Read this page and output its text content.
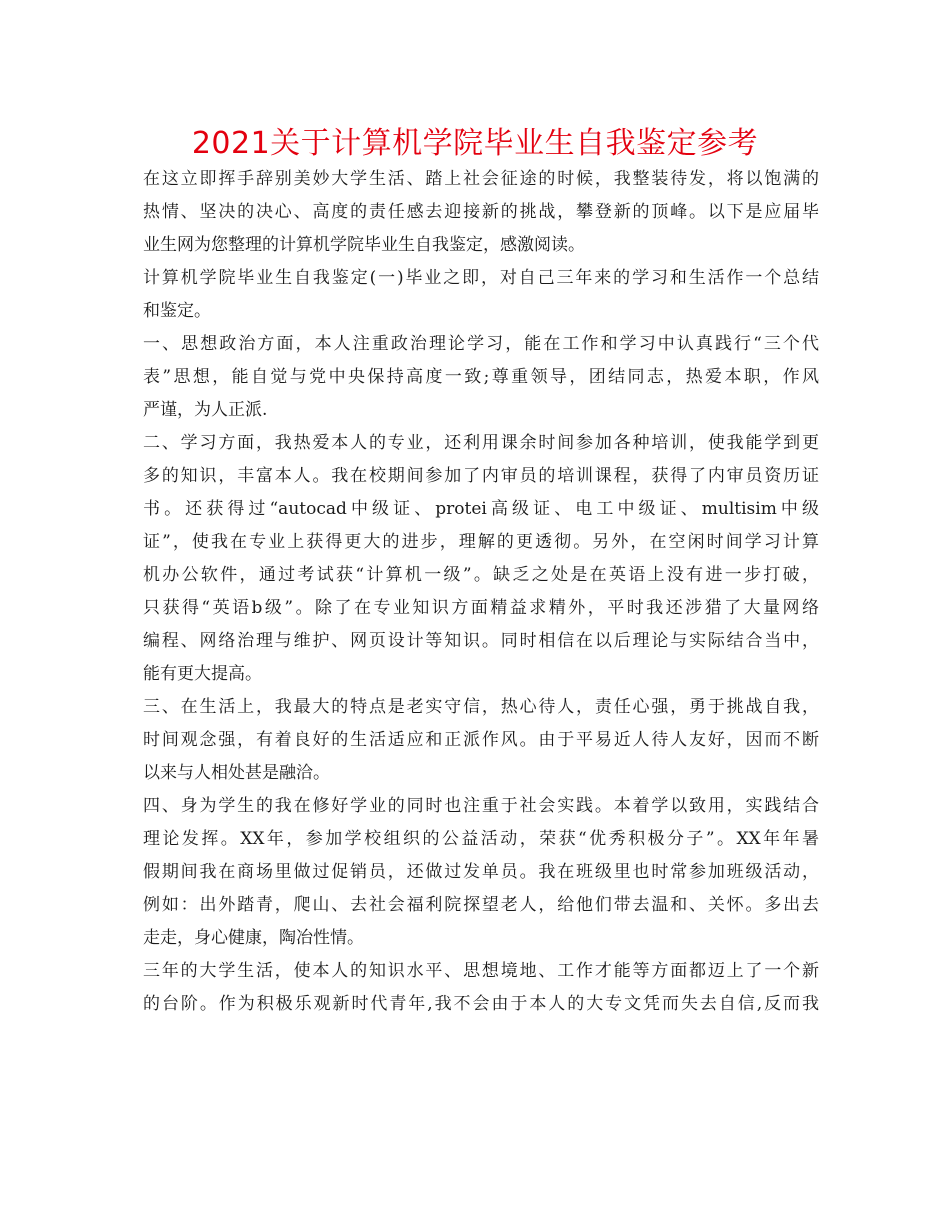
2021关于计算机学院毕业生自我鉴定参考
在这立即挥手辞别美妙大学生活、踏上社会征途的时候，我整装待发，将以饱满的
热情、坚决的决心、高度的责任感去迎接新的挑战，攀登新的顶峰。以下是应届毕
业生网为您整理的计算机学院毕业生自我鉴定，感激阅读。
计算机学院毕业生自我鉴定(一)毕业之即，对自己三年来的学习和生活作一个总结
和鉴定。
一、思想政治方面，本人注重政治理论学习，能在工作和学习中认真践行“三个代
表”思想，能自觉与党中央保持高度一致;尊重领导，团结同志，热爱本职，作风
严谨，为人正派.
二、学习方面，我热爱本人的专业，还利用课余时间参加各种培训，使我能学到更
多的知识，丰富本人。我在校期间参加了内审员的培训课程，获得了内审员资历证
书。还获得过“autocad中级证、protei高级证、电工中级证、multisim中级
证”，使我在专业上获得更大的进步，理解的更透彻。另外，在空闲时间学习计算
机办公软件，通过考试获“计算机一级”。缺乏之处是在英语上没有进一步打破，
只获得“英语b级”。除了在专业知识方面精益求精外，平时我还涉猎了大量网络
编程、网络治理与维护、网页设计等知识。同时相信在以后理论与实际结合当中，
能有更大提高。
三、在生活上，我最大的特点是老实守信，热心待人，责任心强，勇于挑战自我，
时间观念强，有着良好的生活适应和正派作风。由于平易近人待人友好，因而不断
以来与人相处甚是融洽。
四、身为学生的我在修好学业的同时也注重于社会实践。本着学以致用，实践结合
理论发挥。XX年，参加学校组织的公益活动，荣获“优秀积极分子”。XX年年暑
假期间我在商场里做过促销员，还做过发单员。我在班级里也时常参加班级活动，
例如：出外踏青，爬山、去社会福利院探望老人，给他们带去温和、关怀。多出去
走走，身心健康，陶冶性情。
三年的大学生活，使本人的知识水平、思想境地、工作才能等方面都迈上了一个新
的台阶。作为积极乐观新时代青年,我不会由于本人的大专文凭而失去自信,反而我
